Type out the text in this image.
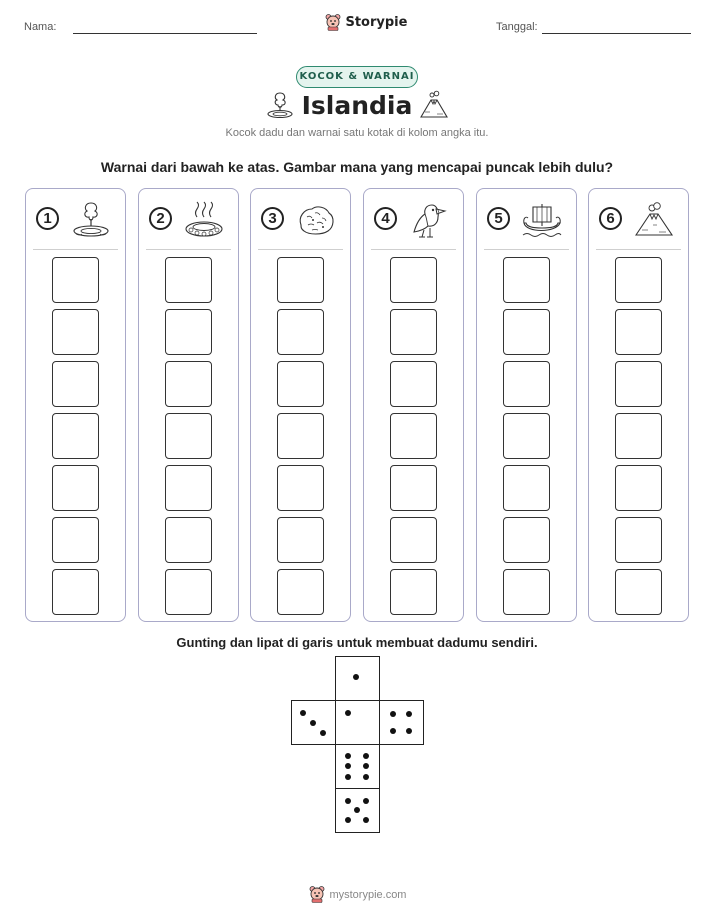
Nama:	Storypie	Tanggal:
KOCOK & WARNAI
Islandia
Kocok dadu dan warnai satu kotak di kolom angka itu.
Warnai dari bawah ke atas. Gambar mana yang mencapai puncak lebih dulu?
1	2	3	4	5	6
Gunting dan lipat di garis untuk membuat dadumu sendiri.
mystorypie.com
